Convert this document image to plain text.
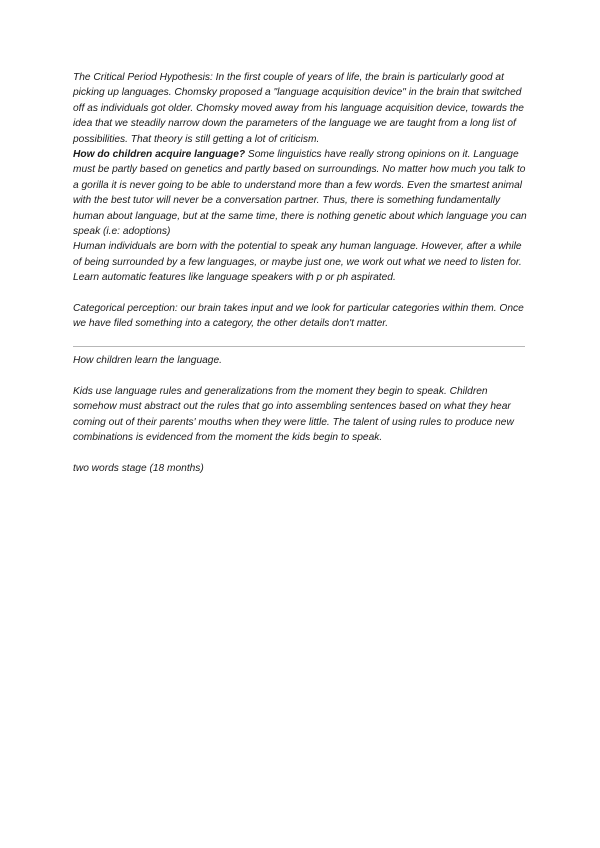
The Critical Period Hypothesis: In the first couple of years of life, the brain is particularly good at picking up languages. Chomsky proposed a "language acquisition device" in the brain that switched off as individuals got older. Chomsky moved away from his language acquisition device, towards the idea that we steadily narrow down the parameters of the language we are taught from a long list of possibilities. That theory is still getting a lot of criticism.

How do children acquire language? Some linguistics have really strong opinions on it. Language must be partly based on genetics and partly based on surroundings. No matter how much you talk to a gorilla it is never going to be able to understand more than a few words. Even the smartest animal with the best tutor will never be a conversation partner. Thus, there is something fundamentally human about language, but at the same time, there is nothing genetic about which language you can speak (i.e: adoptions)

Human individuals are born with the potential to speak any human language. However, after a while of being surrounded by a few languages, or maybe just one, we work out what we need to listen for. Learn automatic features like language speakers with p or ph aspirated.

Categorical perception: our brain takes input and we look for particular categories within them. Once we have filed something into a category, the other details don't matter.

How children learn the language.

Kids use language rules and generalizations from the moment they begin to speak. Children somehow must abstract out the rules that go into assembling sentences based on what they hear coming out of their parents' mouths when they were little. The talent of using rules to produce new combinations is evidenced from the moment the kids begin to speak.

two words stage (18 months)
